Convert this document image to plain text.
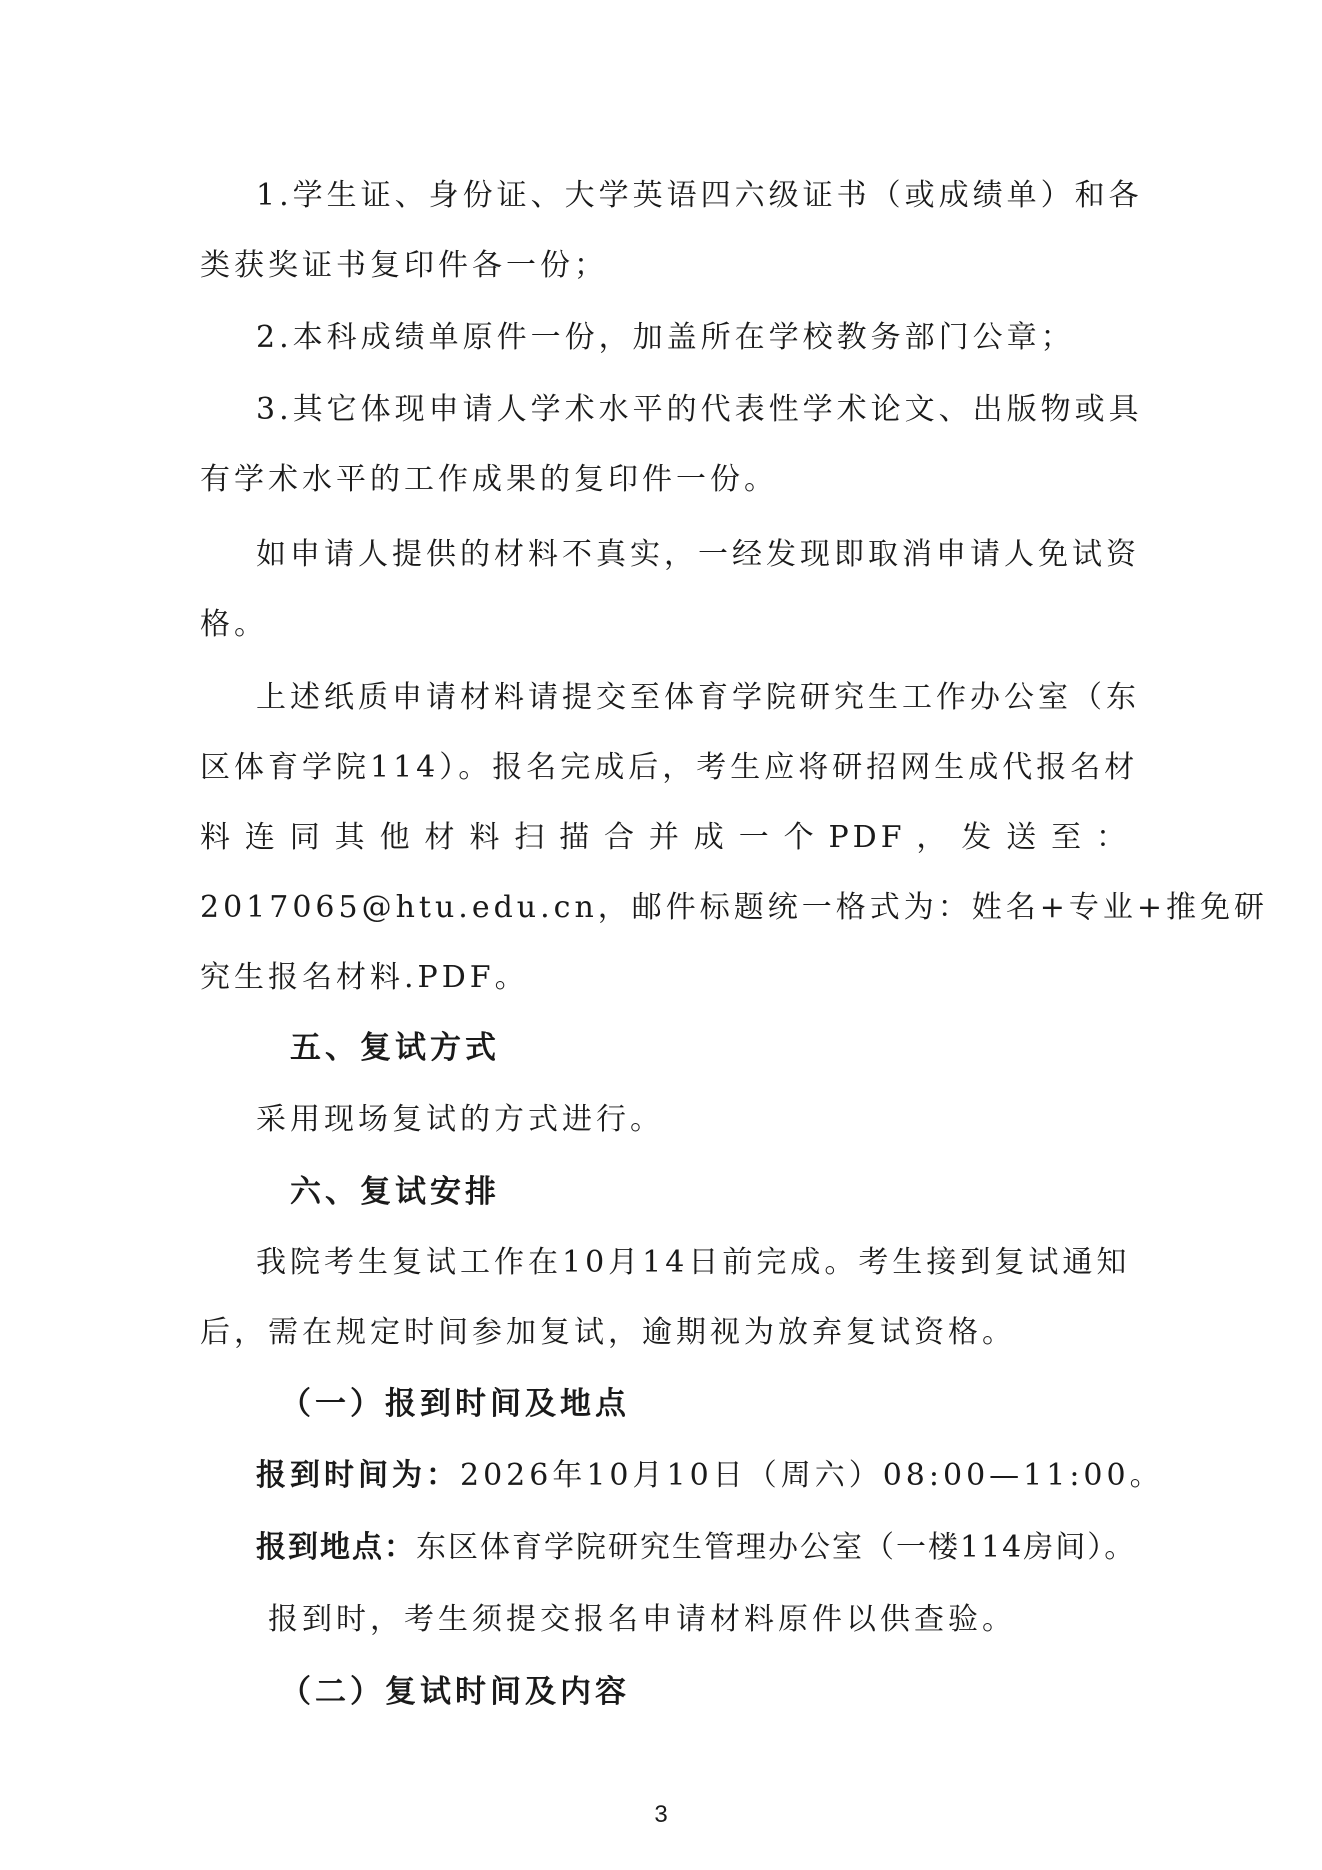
1.学生证、身份证、大学英语四六级证书（或成绩单）和各
类获奖证书复印件各一份；
2.本科成绩单原件一份，加盖所在学校教务部门公章；
3.其它体现申请人学术水平的代表性学术论文、出版物或具
有学术水平的工作成果的复印件一份。
如申请人提供的材料不真实，一经发现即取消申请人免试资
格。
上述纸质申请材料请提交至体育学院研究生工作办公室（东
区体育学院114）。报名完成后，考生应将研招网生成代报名材
料连同其他材料扫描合并成一个PDF，发送至：
2017065@htu.edu.cn，邮件标题统一格式为：姓名+专业+推免研
究生报名材料.PDF。
五、复试方式
采用现场复试的方式进行。
六、复试安排
我院考生复试工作在10月14日前完成。考生接到复试通知
后，需在规定时间参加复试，逾期视为放弃复试资格。
（一）报到时间及地点
报到时间为：2026年10月10日（周六）08:00—11:00。
报到地点：东区体育学院研究生管理办公室（一楼114房间）。
报到时，考生须提交报名申请材料原件以供查验。
（二）复试时间及内容
3
